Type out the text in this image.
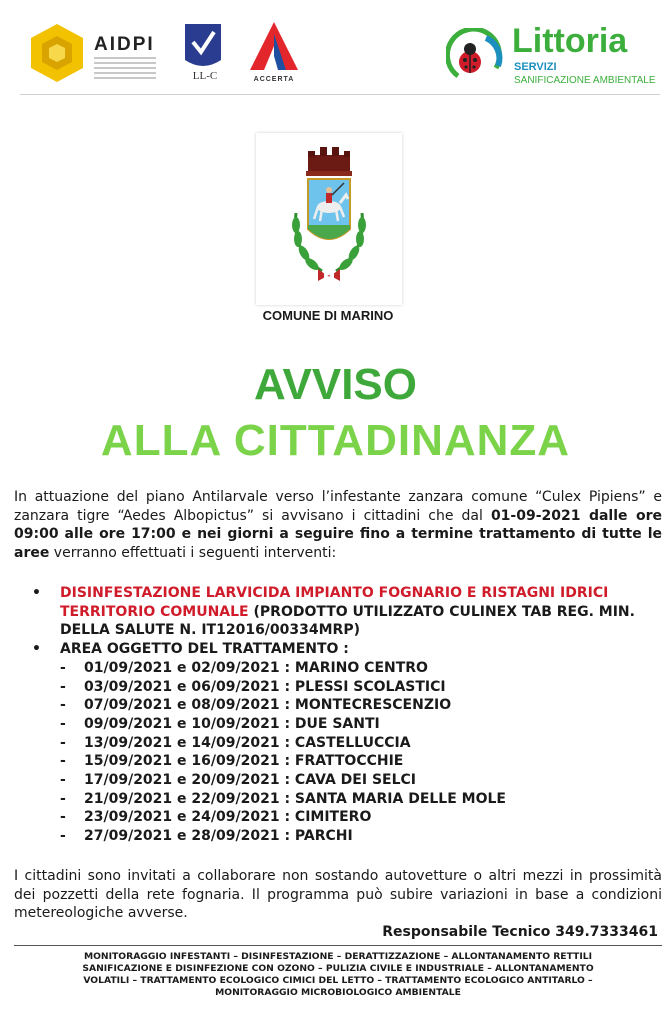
AIDPI
LL-C	ACCERTA
Littoria
SERVIZI
SANIFICAZIONE AMBIENTALE
COMUNE DI MARINO
AVVISO
ALLA CITTADINANZA
In attuazione del piano Antilarvale verso l’infestante zanzara comune “Culex Pipiens” e zanzara tigre “Aedes Albopictus” si avvisano i cittadini che dal 01-09-2021 dalle ore 09:00 alle ore 17:00 e nei giorni a seguire fino a termine trattamento di tutte le aree verranno effettuati i seguenti interventi:
• DISINFESTAZIONE LARVICIDA IMPIANTO FOGNARIO E RISTAGNI IDRICI TERRITORIO COMUNALE (PRODOTTO UTILIZZATO CULINEX TAB REG. MIN. DELLA SALUTE N. IT12016/00334MRP)
• AREA OGGETTO DEL TRATTAMENTO :
- 01/09/2021 e 02/09/2021 : MARINO CENTRO
- 03/09/2021 e 06/09/2021 : PLESSI SCOLASTICI
- 07/09/2021 e 08/09/2021 : MONTECRESCENZIO
- 09/09/2021 e 10/09/2021 : DUE SANTI
- 13/09/2021 e 14/09/2021 : CASTELLUCCIA
- 15/09/2021 e 16/09/2021 : FRATTOCCHIE
- 17/09/2021 e 20/09/2021 : CAVA DEI SELCI
- 21/09/2021 e 22/09/2021 : SANTA MARIA DELLE MOLE
- 23/09/2021 e 24/09/2021 : CIMITERO
- 27/09/2021 e 28/09/2021 : PARCHI
I cittadini sono invitati a collaborare non sostando autovetture o altri mezzi in prossimità dei pozzetti della rete fognaria. Il programma può subire variazioni in base a condizioni metereologiche avverse.
Responsabile Tecnico 349.7333461
MONITORAGGIO INFESTANTI – DISINFESTAZIONE – DERATTIZZAZIONE – ALLONTANAMENTO RETTILI
SANIFICAZIONE E DISINFEZIONE CON OZONO – PULIZIA CIVILE E INDUSTRIALE – ALLONTANAMENTO
VOLATILI – TRATTAMENTO ECOLOGICO CIMICI DEL LETTO – TRATTAMENTO ECOLOGICO ANTITARLO –
MONITORAGGIO MICROBIOLOGICO AMBIENTALE
